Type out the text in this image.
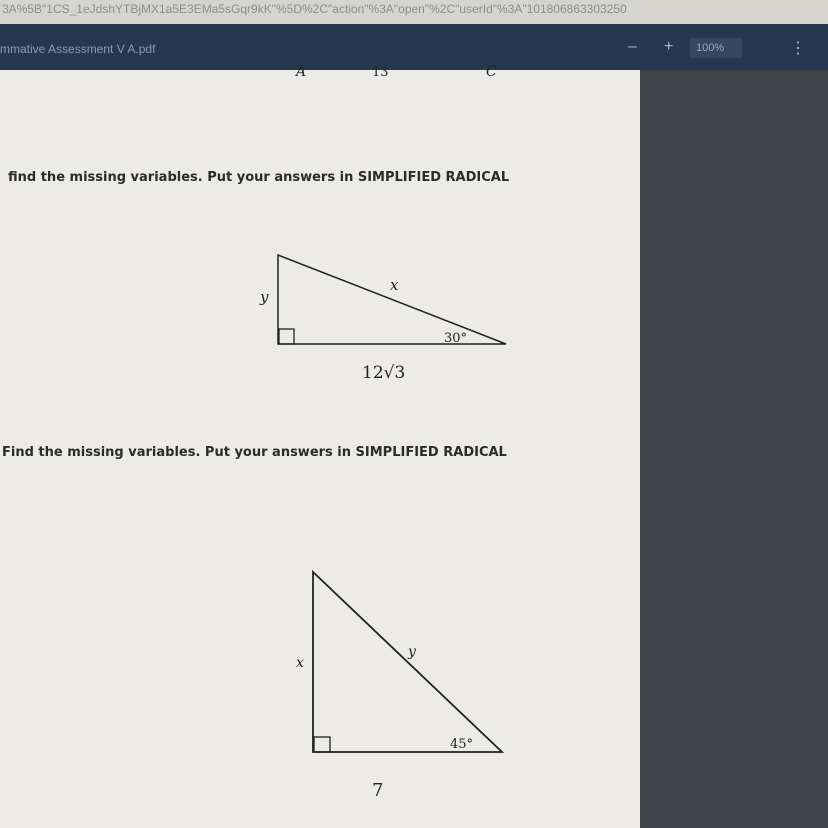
3A%5B"1CS_1eJdshYTBjMX1a5E3EMa5sGqr9kK"%5D%2C"action"%3A"open"%2C"userId"%3A"101806863303250
mmative Assessment V A.pdf	– +	100%	⋮
A	13	C
find the missing variables. Put your answers in SIMPLIFIED RADICAL
x
y
30°
12√3
Find the missing variables. Put your answers in SIMPLIFIED RADICAL
y
x
45°
7
